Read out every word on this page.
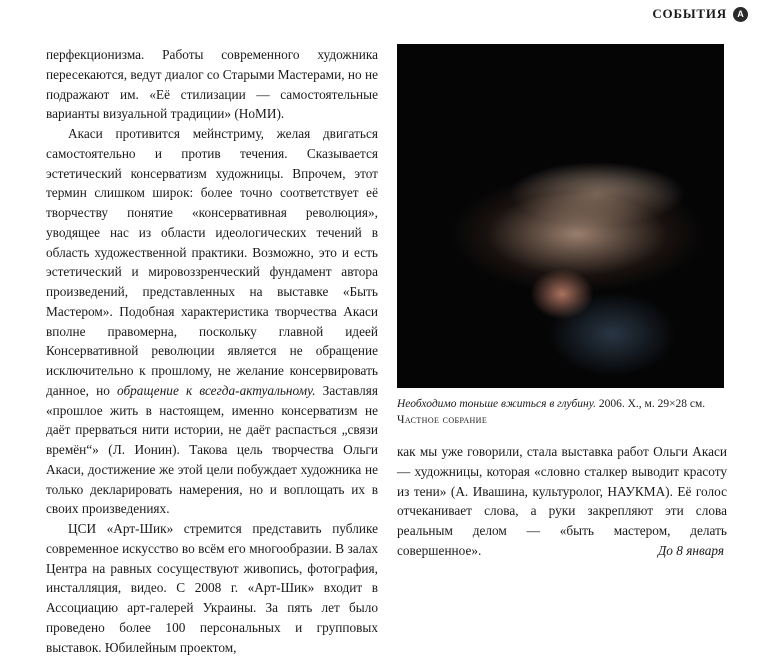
СОБЫТИЯ	А

перфекционизма. Работы современного художника пересекаются, ведут диалог со Старыми Мастерами, но не подражают им. «Её стилизации — самостоятельные варианты визуальной традиции» (НоМИ).

Акаси противится мейнстриму, желая двигаться самостоятельно и против течения. Сказывается эстетический консерватизм художницы. Впрочем, этот термин слишком широк: более точно соответствует её творчеству понятие «консервативная революция», уводящее нас из области идеологических течений в область художественной практики. Возможно, это и есть эстетический и мировоззренческий фундамент автора произведений, представленных на выставке «Быть Мастером». Подобная характеристика творчества Акаси вполне правомерна, поскольку главной идеей Консервативной революции является не обращение исключительно к прошлому, не желание консервировать данное, но обращение к всегда-актуальному. Заставляя «прошлое жить в настоящем, именно консерватизм не даёт прерваться нити истории, не даёт распасться „связи времён“» (Л. Ионин). Такова цель творчества Ольги Акаси, достижение же этой цели побуждает художника не только декларировать намерения, но и воплощать их в своих произведениях.

ЦСИ «Арт-Шик» стремится представить публике современное искусство во всём его многообразии. В залах Центра на равных сосуществуют живопись, фотография, инсталляция, видео. С 2008 г. «Арт-Шик» входит в Ассоциацию арт-галерей Украины. За пять лет было проведено более 100 персональных и групповых выставок. Юбилейным проектом,

Необходимо тоньше вжиться в глубину. 2006. Х., м. 29×28 см.
Частное собрание

как мы уже говорили, стала выставка работ Ольги Акаси — художницы, которая «словно сталкер выводит красоту из тени» (А. Ивашина, культуролог, НАУКМА). Её голос отчеканивает слова, а руки закрепляют эти слова реальным делом — «быть мастером, делать совершенное».	До 8 января
